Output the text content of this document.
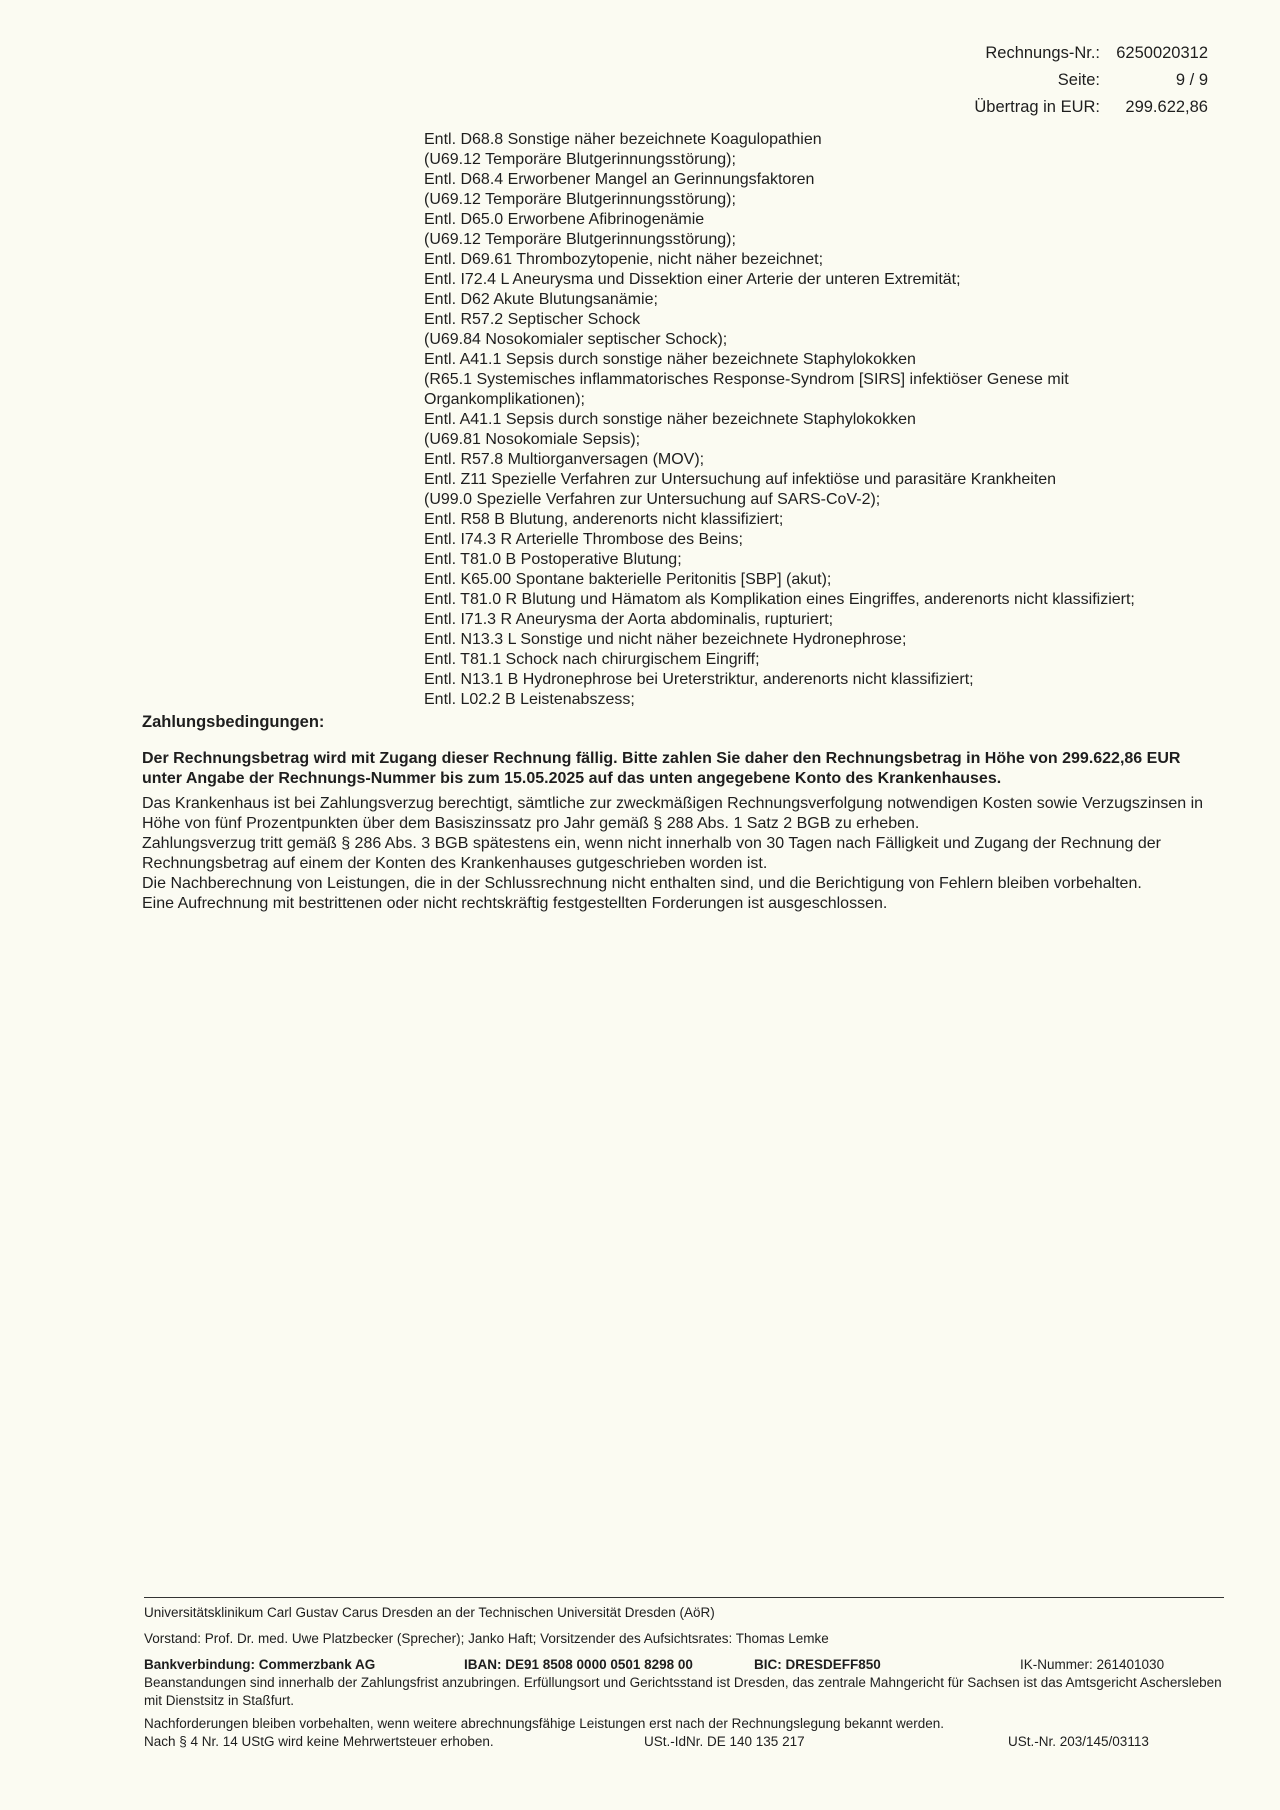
Rechnungs-Nr.: 6250020312
Seite:	9 / 9
Übertrag in EUR:	299.622,86
Entl. D68.8 Sonstige näher bezeichnete Koagulopathien
(U69.12 Temporäre Blutgerinnungsstörung);
Entl. D68.4 Erworbener Mangel an Gerinnungsfaktoren
(U69.12 Temporäre Blutgerinnungsstörung);
Entl. D65.0 Erworbene Afibrinogenämie
(U69.12 Temporäre Blutgerinnungsstörung);
Entl. D69.61 Thrombozytopenie, nicht näher bezeichnet;
Entl. I72.4 L Aneurysma und Dissektion einer Arterie der unteren Extremität;
Entl. D62 Akute Blutungsanämie;
Entl. R57.2 Septischer Schock
(U69.84 Nosokomialer septischer Schock);
Entl. A41.1 Sepsis durch sonstige näher bezeichnete Staphylokokken
(R65.1 Systemisches inflammatorisches Response-Syndrom [SIRS] infektiöser Genese mit Organkomplikationen);
Entl. A41.1 Sepsis durch sonstige näher bezeichnete Staphylokokken
(U69.81 Nosokomiale Sepsis);
Entl. R57.8 Multiorganversagen (MOV);
Entl. Z11 Spezielle Verfahren zur Untersuchung auf infektiöse und parasitäre Krankheiten
(U99.0 Spezielle Verfahren zur Untersuchung auf SARS-CoV-2);
Entl. R58 B Blutung, anderenorts nicht klassifiziert;
Entl. I74.3 R Arterielle Thrombose des Beins;
Entl. T81.0 B Postoperative Blutung;
Entl. K65.00 Spontane bakterielle Peritonitis [SBP] (akut);
Entl. T81.0 R Blutung und Hämatom als Komplikation eines Eingriffes, anderenorts nicht klassifiziert;
Entl. I71.3 R Aneurysma der Aorta abdominalis, rupturiert;
Entl. N13.3 L Sonstige und nicht näher bezeichnete Hydronephrose;
Entl. T81.1 Schock nach chirurgischem Eingriff;
Entl. N13.1 B Hydronephrose bei Ureterstriktur, anderenorts nicht klassifiziert;
Entl. L02.2 B Leistenabszess;
Zahlungsbedingungen:
Der Rechnungsbetrag wird mit Zugang dieser Rechnung fällig. Bitte zahlen Sie daher den Rechnungsbetrag in Höhe von 299.622,86 EUR unter Angabe der Rechnungs-Nummer bis zum 15.05.2025 auf das unten angegebene Konto des Krankenhauses.
Das Krankenhaus ist bei Zahlungsverzug berechtigt, sämtliche zur zweckmäßigen Rechnungsverfolgung notwendigen Kosten sowie Verzugszinsen in Höhe von fünf Prozentpunkten über dem Basiszinssatz pro Jahr gemäß § 288 Abs. 1 Satz 2 BGB zu erheben.
Zahlungsverzug tritt gemäß § 286 Abs. 3 BGB spätestens ein, wenn nicht innerhalb von 30 Tagen nach Fälligkeit und Zugang der Rechnung der Rechnungsbetrag auf einem der Konten des Krankenhauses gutgeschrieben worden ist.
Die Nachberechnung von Leistungen, die in der Schlussrechnung nicht enthalten sind, und die Berichtigung von Fehlern bleiben vorbehalten.
Eine Aufrechnung mit bestrittenen oder nicht rechtskräftig festgestellten Forderungen ist ausgeschlossen.
Universitätsklinikum Carl Gustav Carus Dresden an der Technischen Universität Dresden (AöR)
Vorstand: Prof. Dr. med. Uwe Platzbecker (Sprecher); Janko Haft; Vorsitzender des Aufsichtsrates: Thomas Lemke
Bankverbindung: Commerzbank AG	IBAN: DE91 8508 0000 0501 8298 00	BIC: DRESDEFF850	IK-Nummer: 261401030
Beanstandungen sind innerhalb der Zahlungsfrist anzubringen. Erfüllungsort und Gerichtsstand ist Dresden, das zentrale Mahngericht für Sachsen ist das Amtsgericht Aschersleben mit Dienstsitz in Staßfurt.
Nachforderungen bleiben vorbehalten, wenn weitere abrechnungsfähige Leistungen erst nach der Rechnungslegung bekannt werden.
Nach § 4 Nr. 14 UStG wird keine Mehrwertsteuer erhoben.	USt.-IdNr. DE 140 135 217	USt.-Nr. 203/145/03113
